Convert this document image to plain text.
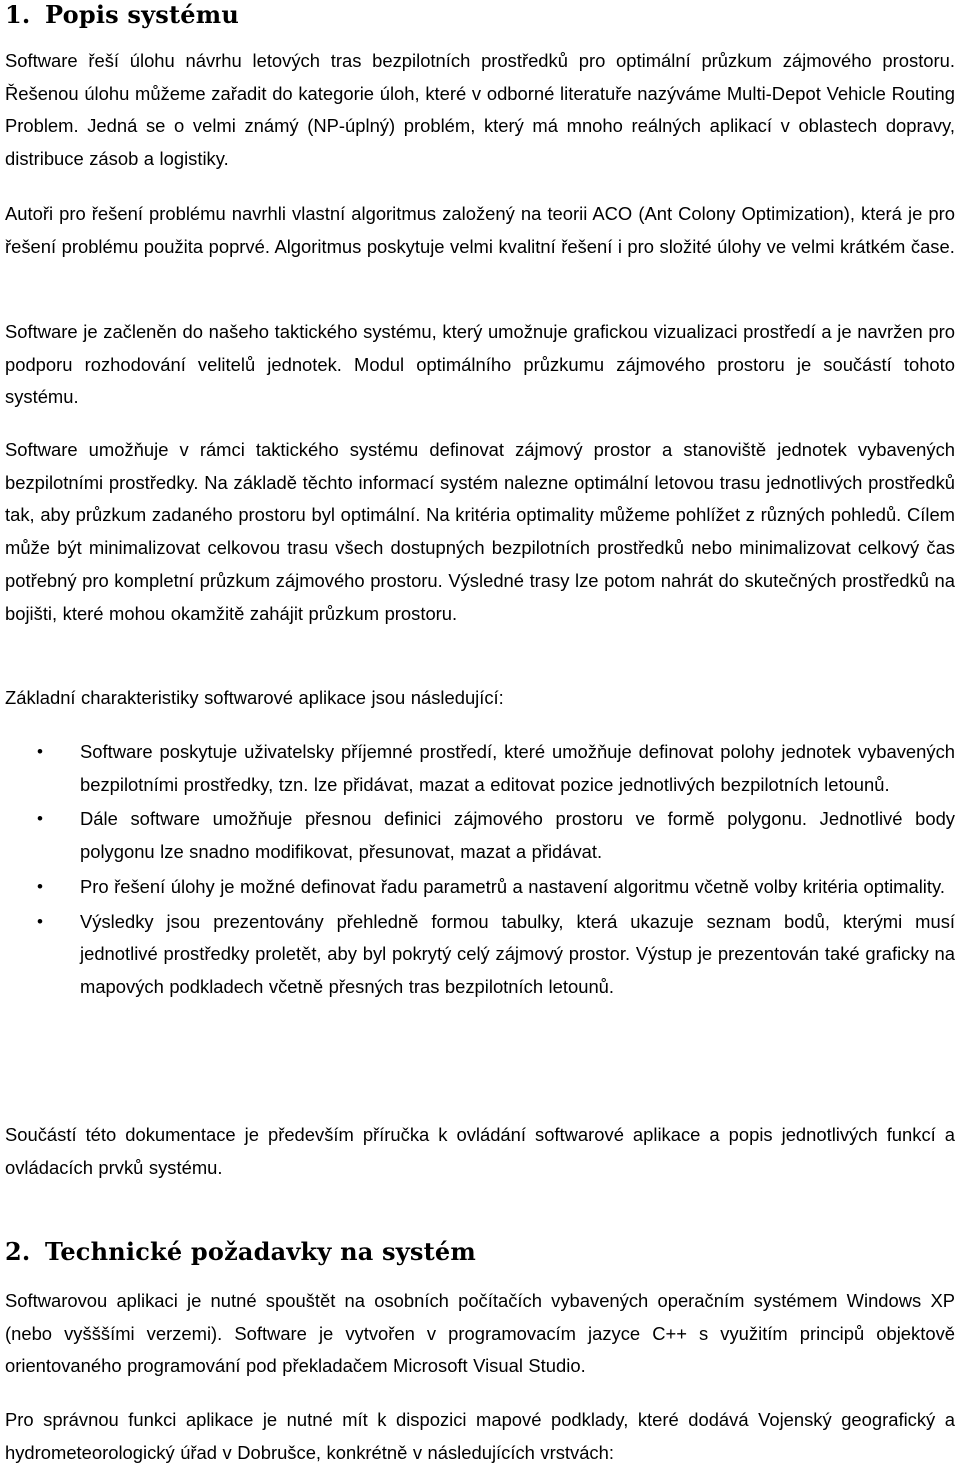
1. Popis systému

Software řeší úlohu návrhu letových tras bezpilotních prostředků pro optimální průzkum zájmového prostoru. Řešenou úlohu můžeme zařadit do kategorie úloh, které v odborné literatuře nazýváme Multi-Depot Vehicle Routing Problem. Jedná se o velmi známý (NP-úplný) problém, který má mnoho reálných aplikací v oblastech dopravy, distribuce zásob a logistiky.

Autoři pro řešení problému navrhli vlastní algoritmus založený na teorii ACO (Ant Colony Optimization), která je pro řešení problému použita poprvé. Algoritmus poskytuje velmi kvalitní řešení i pro složité úlohy ve velmi krátkém čase.

Software je začleněn do našeho taktického systému, který umožnuje grafickou vizualizaci prostředí a je navržen pro podporu rozhodování velitelů jednotek. Modul optimálního průzkumu zájmového prostoru je součástí tohoto systému.

Software umožňuje v rámci taktického systému definovat zájmový prostor a stanoviště jednotek vybavených bezpilotními prostředky. Na základě těchto informací systém nalezne optimální letovou trasu jednotlivých prostředků tak, aby průzkum zadaného prostoru byl optimální. Na kritéria optimality můžeme pohlížet z různých pohledů. Cílem může být minimalizovat celkovou trasu všech dostupných bezpilotních prostředků nebo minimalizovat celkový čas potřebný pro kompletní průzkum zájmového prostoru. Výsledné trasy lze potom nahrát do skutečných prostředků na bojišti, které mohou okamžitě zahájit průzkum prostoru.

Základní charakteristiky softwarové aplikace jsou následující:

• Software poskytuje uživatelsky příjemné prostředí, které umožňuje definovat polohy jednotek vybavených bezpilotními prostředky, tzn. lze přidávat, mazat a editovat pozice jednotlivých bezpilotních letounů.
• Dále software umožňuje přesnou definici zájmového prostoru ve formě polygonu. Jednotlivé body polygonu lze snadno modifikovat, přesunovat, mazat a přidávat.
• Pro řešení úlohy je možné definovat řadu parametrů a nastavení algoritmu včetně volby kritéria optimality.
• Výsledky jsou prezentovány přehledně formou tabulky, která ukazuje seznam bodů, kterými musí jednotlivé prostředky proletět, aby byl pokrytý celý zájmový prostor. Výstup je prezentován také graficky na mapových podkladech včetně přesných tras bezpilotních letounů.

Součástí této dokumentace je především příručka k ovládání softwarové aplikace a popis jednotlivých funkcí a ovládacích prvků systému.

2. Technické požadavky na systém

Softwarovou aplikaci je nutné spouštět na osobních počítačích vybavených operačním systémem Windows XP (nebo vyšššími verzemi). Software je vytvořen v programovacím jazyce C++ s využitím principů objektově orientovaného programování pod překladačem Microsoft Visual Studio.

Pro správnou funkci aplikace je nutné mít k dispozici mapové podklady, které dodává Vojenský geografický a hydrometeorologický úřad v Dobrušce, konkrétně v následujících vrstvách:
